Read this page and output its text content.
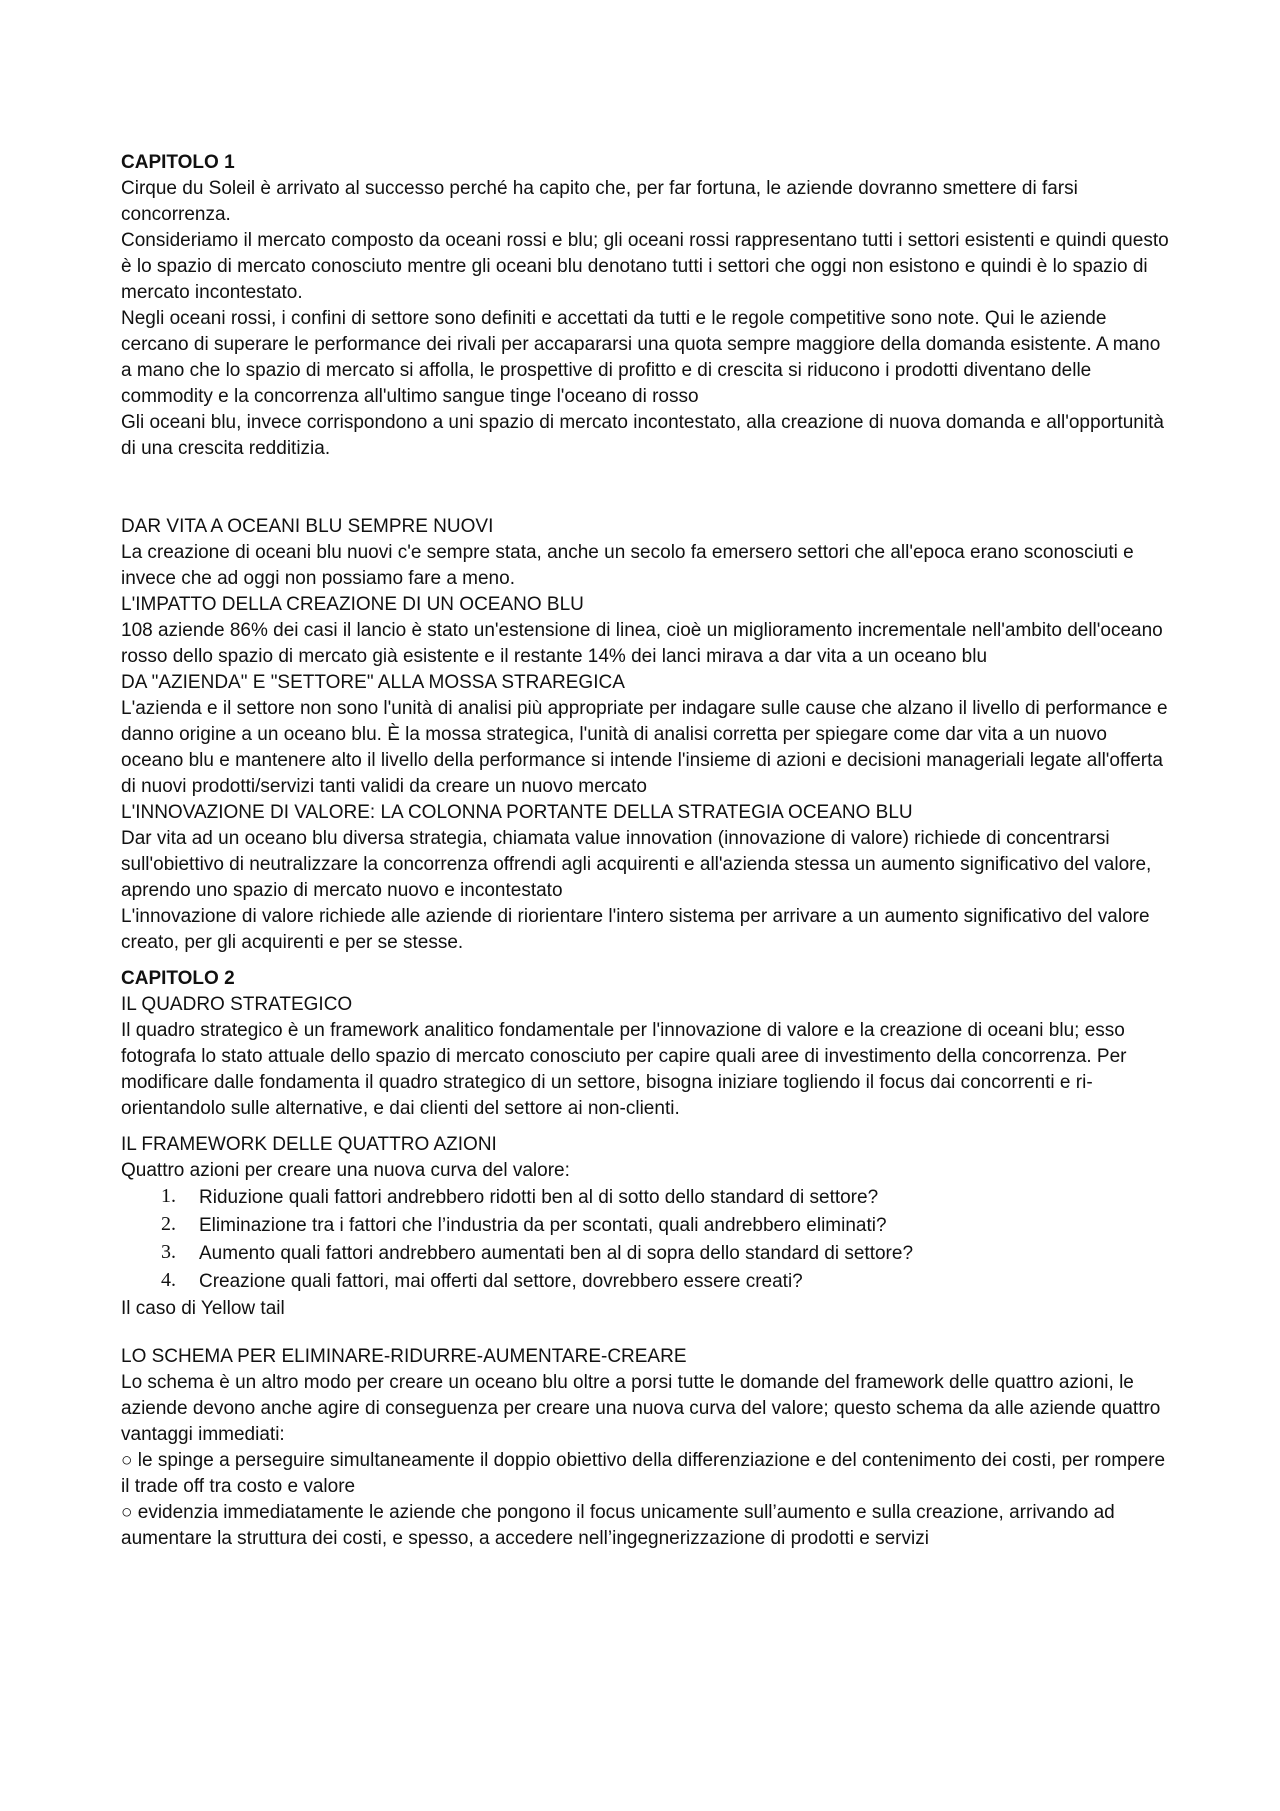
CAPITOLO 1

Cirque du Soleil è arrivato al successo perché ha capito che, per far fortuna, le aziende dovranno smettere di farsi concorrenza.

Consideriamo il mercato composto da oceani rossi e blu; gli oceani rossi rappresentano tutti i settori esistenti e quindi questo è lo spazio di mercato conosciuto mentre gli oceani blu denotano tutti i settori che oggi non esistono e quindi è lo spazio di mercato incontestato.

Negli oceani rossi, i confini di settore sono definiti e accettati da tutti e le regole competitive sono note. Qui le aziende cercano di superare le performance dei rivali per accapararsi una quota sempre maggiore della domanda esistente. A mano a mano che lo spazio di mercato si affolla, le prospettive di profitto e di crescita si riducono i prodotti diventano delle commodity e la concorrenza all'ultimo sangue tinge l'oceano di rosso

Gli oceani blu, invece corrispondono a uni spazio di mercato incontestato, alla creazione di nuova domanda e all'opportunità di una crescita redditizia.

DAR VITA A OCEANI BLU SEMPRE NUOVI

La creazione di oceani blu nuovi c'e sempre stata, anche un secolo fa emersero settori che all'epoca erano sconosciuti e invece che ad oggi non possiamo fare a meno.

L'IMPATTO DELLA CREAZIONE DI UN OCEANO BLU

108 aziende 86% dei casi il lancio è stato un'estensione di linea, cioè un miglioramento incrementale nell'ambito dell'oceano rosso dello spazio di mercato già esistente e il restante 14% dei lanci mirava a dar vita a un oceano blu

DA "AZIENDA" E "SETTORE" ALLA MOSSA STRAREGICA

L'azienda e il settore non sono l'unità di analisi più appropriate per indagare sulle cause che alzano il livello di performance e danno origine a un oceano blu. È la mossa strategica, l'unità di analisi corretta per spiegare come dar vita a un nuovo oceano blu e mantenere alto il livello della performance si intende l'insieme di azioni e decisioni manageriali legate all'offerta di nuovi prodotti/servizi tanti validi da creare un nuovo mercato

L'INNOVAZIONE DI VALORE: LA COLONNA PORTANTE DELLA STRATEGIA OCEANO BLU

Dar vita ad un oceano blu diversa strategia, chiamata value innovation (innovazione di valore) richiede di concentrarsi sull'obiettivo di neutralizzare la concorrenza offrendi agli acquirenti e all'azienda stessa un aumento significativo del valore, aprendo uno spazio di mercato nuovo e incontestato

L'innovazione di valore richiede alle aziende di riorientare l'intero sistema per arrivare a un aumento significativo del valore creato, per gli acquirenti e per se stesse.

CAPITOLO 2

IL QUADRO STRATEGICO

Il quadro strategico è un framework analitico fondamentale per l'innovazione di valore e la creazione di oceani blu; esso fotografa lo stato attuale dello spazio di mercato conosciuto per capire quali aree di investimento della concorrenza. Per modificare dalle fondamenta il quadro strategico di un settore, bisogna iniziare togliendo il focus dai concorrenti e ri-orientandolo sulle alternative, e dai clienti del settore ai non-clienti.

IL FRAMEWORK DELLE QUATTRO AZIONI

Quattro azioni per creare una nuova curva del valore:

1. Riduzione quali fattori andrebbero ridotti ben al di sotto dello standard di settore?
2. Eliminazione tra i fattori che l’industria da per scontati, quali andrebbero eliminati?
3. Aumento quali fattori andrebbero aumentati ben al di sopra dello standard di settore?
4. Creazione quali fattori, mai offerti dal settore, dovrebbero essere creati?

Il caso di Yellow tail

LO SCHEMA PER ELIMINARE-RIDURRE-AUMENTARE-CREARE

Lo schema è un altro modo per creare un oceano blu oltre a porsi tutte le domande del framework delle quattro azioni, le aziende devono anche agire di conseguenza per creare una nuova curva del valore; questo schema da alle aziende quattro vantaggi immediati:

○ le spinge a perseguire simultaneamente il doppio obiettivo della differenziazione e del contenimento dei costi, per rompere il trade off tra costo e valore

○ evidenzia immediatamente le aziende che pongono il focus unicamente sull’aumento e sulla creazione, arrivando ad aumentare la struttura dei costi, e spesso, a accedere nell’ingegnerizzazione di prodotti e servizi
